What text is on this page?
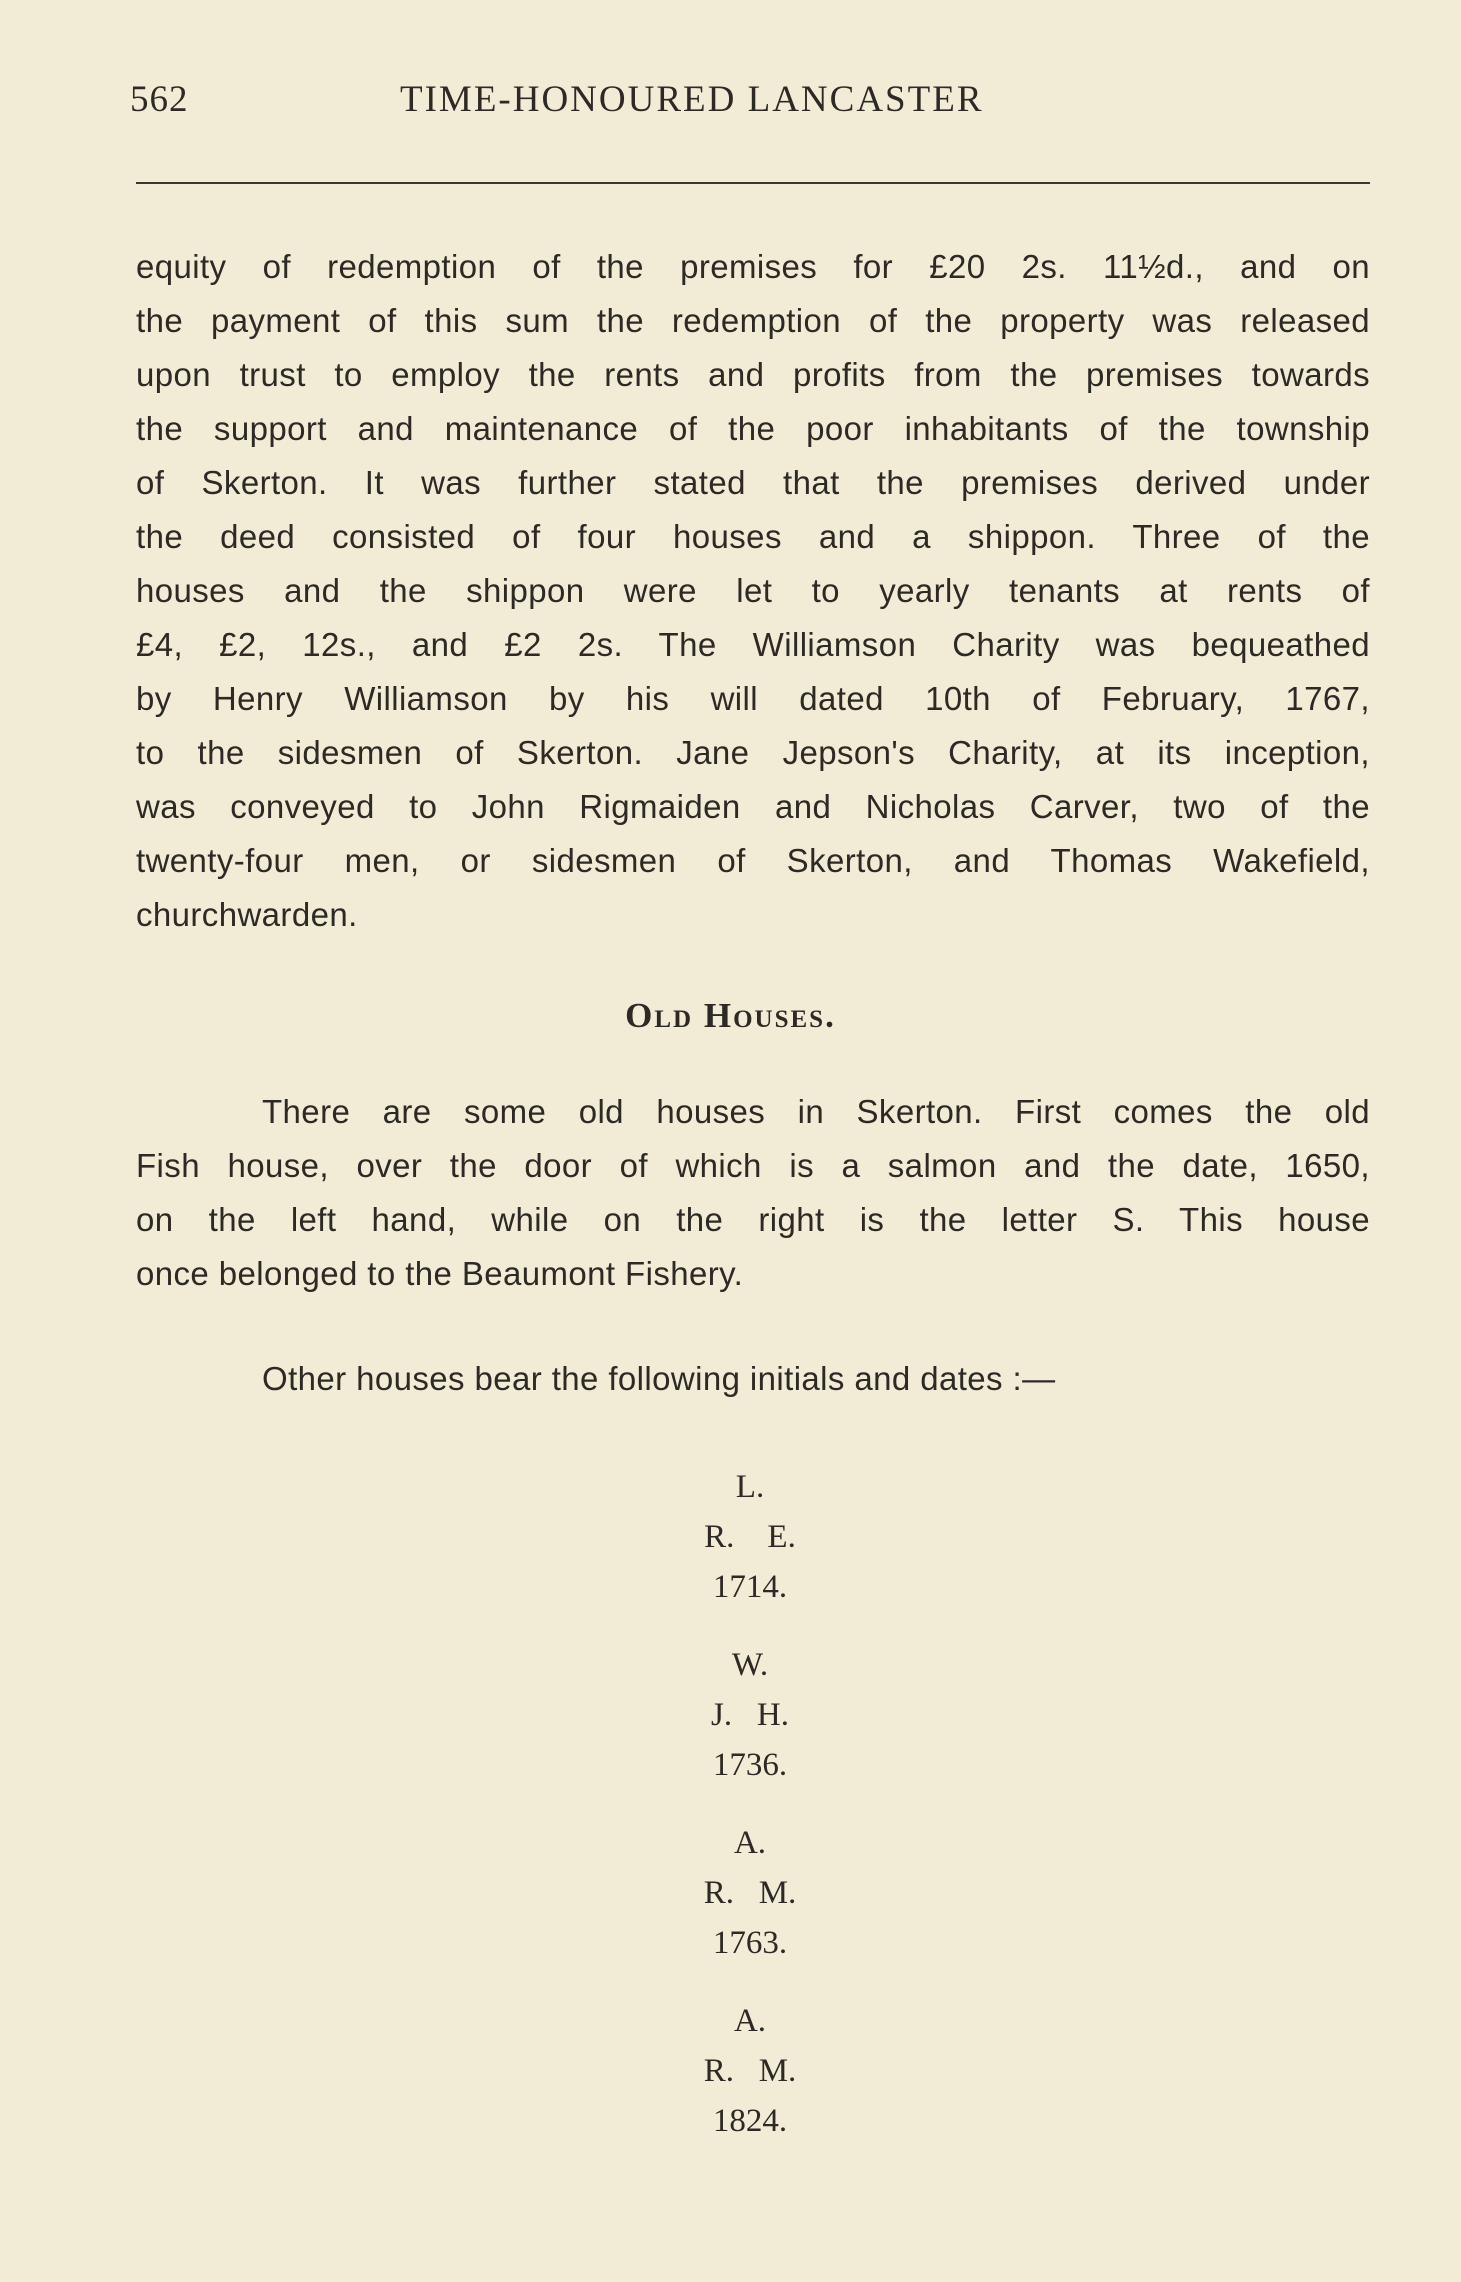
562	TIME-HONOURED LANCASTER

equity of redemption of the premises for £20 2s. 11½d., and on
the payment of this sum the redemption of the property was released
upon trust to employ the rents and profits from the premises towards
the support and maintenance of the poor inhabitants of the township
of Skerton. It was further stated that the premises derived under
the deed consisted of four houses and a shippon. Three of the
houses and the shippon were let to yearly tenants at rents of
£4, £2, 12s., and £2 2s. The Williamson Charity was bequeathed
by Henry Williamson by his will dated 10th of February, 1767,
to the sidesmen of Skerton. Jane Jepson's Charity, at its inception,
was conveyed to John Rigmaiden and Nicholas Carver, two of the
twenty-four men, or sidesmen of Skerton, and Thomas Wakefield,
churchwarden.

Old Houses.

There are some old houses in Skerton. First comes the old
Fish house, over the door of which is a salmon and the date, 1650,
on the left hand, while on the right is the letter S. This house
once belonged to the Beaumont Fishery.

Other houses bear the following initials and dates :—

L.
R.    E.
1714.
W.
J.   H.
1736.
A.
R.   M.
1763.
A.
R.   M.
1824.
